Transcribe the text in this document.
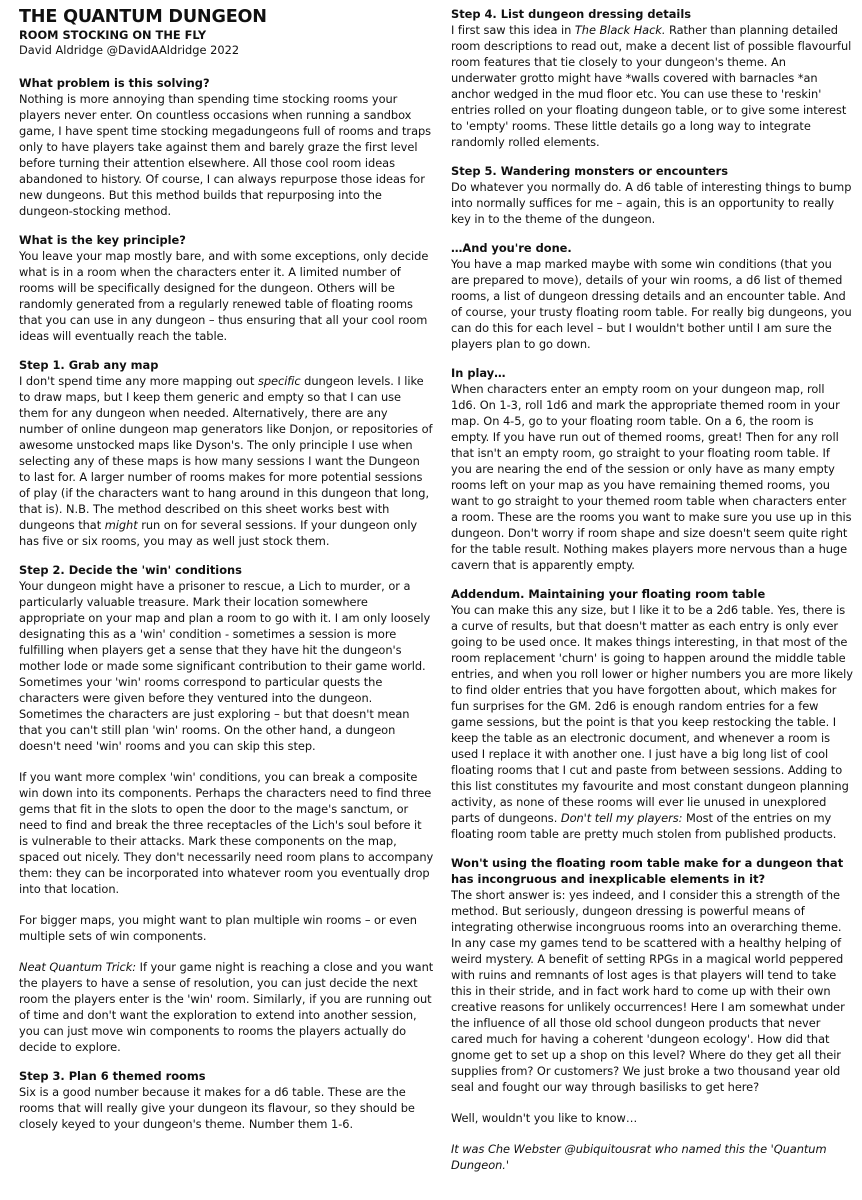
THE QUANTUM DUNGEON
ROOM STOCKING ON THE FLY
David Aldridge @DavidAAldridge 2022
What problem is this solving?

Nothing is more annoying than spending time stocking rooms your players never enter. On countless occasions when running a sandbox game, I have spent time stocking megadungeons full of rooms and traps only to have players take against them and barely graze the first level before turning their attention elsewhere. All those cool room ideas abandoned to history. Of course, I can always repurpose those ideas for new dungeons. But this method builds that repurposing into the dungeon-stocking method.

What is the key principle?

You leave your map mostly bare, and with some exceptions, only decide what is in a room when the characters enter it. A limited number of rooms will be specifically designed for the dungeon. Others will be randomly generated from a regularly renewed table of floating rooms that you can use in any dungeon – thus ensuring that all your cool room ideas will eventually reach the table.

Step 1. Grab any map

I don't spend time any more mapping out specific dungeon levels. I like to draw maps, but I keep them generic and empty so that I can use them for any dungeon when needed. Alternatively, there are any number of online dungeon map generators like Donjon, or repositories of awesome unstocked maps like Dyson's. The only principle I use when selecting any of these maps is how many sessions I want the Dungeon to last for. A larger number of rooms makes for more potential sessions of play (if the characters want to hang around in this dungeon that long, that is). N.B. The method described on this sheet works best with dungeons that might run on for several sessions. If your dungeon only has five or six rooms, you may as well just stock them.

Step 2. Decide the 'win' conditions

Your dungeon might have a prisoner to rescue, a Lich to murder, or a particularly valuable treasure. Mark their location somewhere appropriate on your map and plan a room to go with it. I am only loosely designating this as a 'win' condition - sometimes a session is more fulfilling when players get a sense that they have hit the dungeon's mother lode or made some significant contribution to their game world. Sometimes your 'win' rooms correspond to particular quests the characters were given before they ventured into the dungeon. Sometimes the characters are just exploring – but that doesn't mean that you can't still plan 'win' rooms. On the other hand, a dungeon doesn't need 'win' rooms and you can skip this step.

If you want more complex 'win' conditions, you can break a composite win down into its components. Perhaps the characters need to find three gems that fit in the slots to open the door to the mage's sanctum, or need to find and break the three receptacles of the Lich's soul before it is vulnerable to their attacks. Mark these components on the map, spaced out nicely. They don't necessarily need room plans to accompany them: they can be incorporated into whatever room you eventually drop into that location.

For bigger maps, you might want to plan multiple win rooms – or even multiple sets of win components.

Neat Quantum Trick: If your game night is reaching a close and you want the players to have a sense of resolution, you can just decide the next room the players enter is the 'win' room. Similarly, if you are running out of time and don't want the exploration to extend into another session, you can just move win components to rooms the players actually do decide to explore.

Step 3. Plan 6 themed rooms

Six is a good number because it makes for a d6 table. These are the rooms that will really give your dungeon its flavour, so they should be closely keyed to your dungeon's theme. Number them 1-6.

Step 4. List dungeon dressing details

I first saw this idea in The Black Hack. Rather than planning detailed room descriptions to read out, make a decent list of possible flavourful room features that tie closely to your dungeon's theme. An underwater grotto might have *walls covered with barnacles *an anchor wedged in the mud floor etc. You can use these to 'reskin' entries rolled on your floating dungeon table, or to give some interest to 'empty' rooms. These little details go a long way to integrate randomly rolled elements.

Step 5. Wandering monsters or encounters

Do whatever you normally do. A d6 table of interesting things to bump into normally suffices for me – again, this is an opportunity to really key in to the theme of the dungeon.

…And you're done.

You have a map marked maybe with some win conditions (that you are prepared to move), details of your win rooms, a d6 list of themed rooms, a list of dungeon dressing details and an encounter table. And of course, your trusty floating room table. For really big dungeons, you can do this for each level – but I wouldn't bother until I am sure the players plan to go down.

In play…

When characters enter an empty room on your dungeon map, roll 1d6. On 1-3, roll 1d6 and mark the appropriate themed room in your map. On 4-5, go to your floating room table. On a 6, the room is empty. If you have run out of themed rooms, great! Then for any roll that isn't an empty room, go straight to your floating room table. If you are nearing the end of the session or only have as many empty rooms left on your map as you have remaining themed rooms, you want to go straight to your themed room table when characters enter a room. These are the rooms you want to make sure you use up in this dungeon. Don't worry if room shape and size doesn't seem quite right for the table result. Nothing makes players more nervous than a huge cavern that is apparently empty.

Addendum. Maintaining your floating room table

You can make this any size, but I like it to be a 2d6 table. Yes, there is a curve of results, but that doesn't matter as each entry is only ever going to be used once. It makes things interesting, in that most of the room replacement 'churn' is going to happen around the middle table entries, and when you roll lower or higher numbers you are more likely to find older entries that you have forgotten about, which makes for fun surprises for the GM. 2d6 is enough random entries for a few game sessions, but the point is that you keep restocking the table. I keep the table as an electronic document, and whenever a room is used I replace it with another one. I just have a big long list of cool floating rooms that I cut and paste from between sessions. Adding to this list constitutes my favourite and most constant dungeon planning activity, as none of these rooms will ever lie unused in unexplored parts of dungeons. Don't tell my players: Most of the entries on my floating room table are pretty much stolen from published products.

Won't using the floating room table make for a dungeon that has incongruous and inexplicable elements in it?

The short answer is: yes indeed, and I consider this a strength of the method. But seriously, dungeon dressing is powerful means of integrating otherwise incongruous rooms into an overarching theme. In any case my games tend to be scattered with a healthy helping of weird mystery. A benefit of setting RPGs in a magical world peppered with ruins and remnants of lost ages is that players will tend to take this in their stride, and in fact work hard to come up with their own creative reasons for unlikely occurrences! Here I am somewhat under the influence of all those old school dungeon products that never cared much for having a coherent 'dungeon ecology'. How did that gnome get to set up a shop on this level? Where do they get all their supplies from? Or customers? We just broke a two thousand year old seal and fought our way through basilisks to get here?

Well, wouldn't you like to know…

It was Che Webster @ubiquitousrat who named this the 'Quantum Dungeon.'
